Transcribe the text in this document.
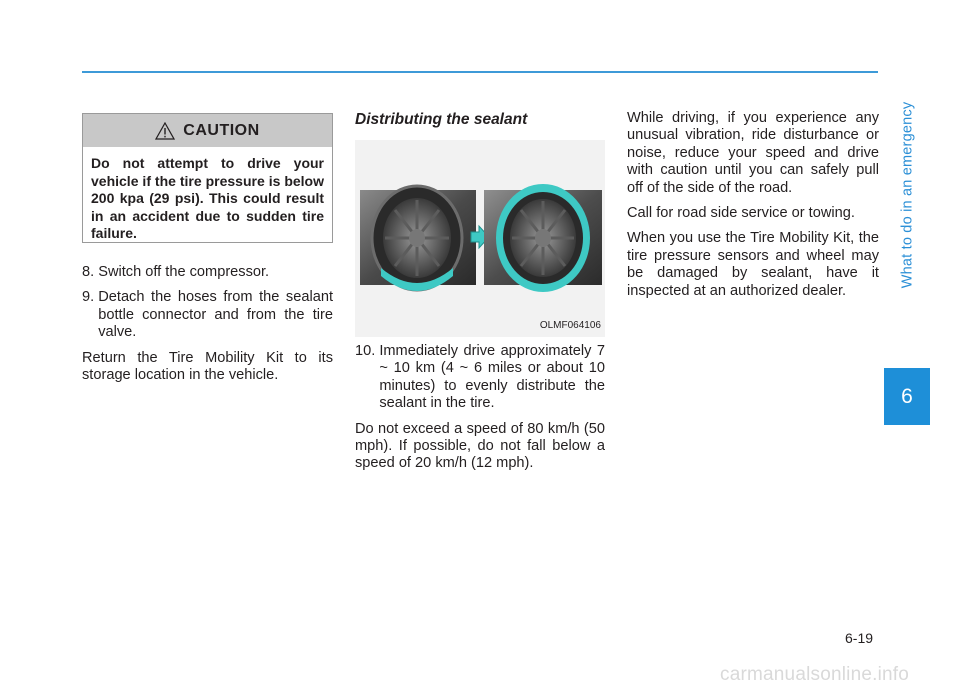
What to do in an emergency
6
CAUTION
Do not attempt to drive your vehicle if the tire pressure is below 200 kpa (29 psi). This could result in an accident due to sudden tire failure.

8. Switch off the compressor.

9. Detach the hoses from the sealant bottle connector and from the tire valve.

Return the Tire Mobility Kit to its storage location in the vehicle.

Distributing the sealant
OLMF064106

10. Immediately drive approximately 7 ~ 10 km (4 ~ 6 miles or about 10 minutes) to evenly distribute the sealant in the tire.

Do not exceed a speed of 80 km/h (50 mph). If possible, do not fall below a speed of 20 km/h (12 mph).

While driving, if you experience any unusual vibration, ride disturbance or noise, reduce your speed and drive with caution until you can safely pull off of the side of the road.

Call for road side service or towing.

When you use the Tire Mobility Kit, the tire pressure sensors and wheel may be damaged by sealant, have it inspected at an authorized dealer.

6-19
carmanualsonline.info
